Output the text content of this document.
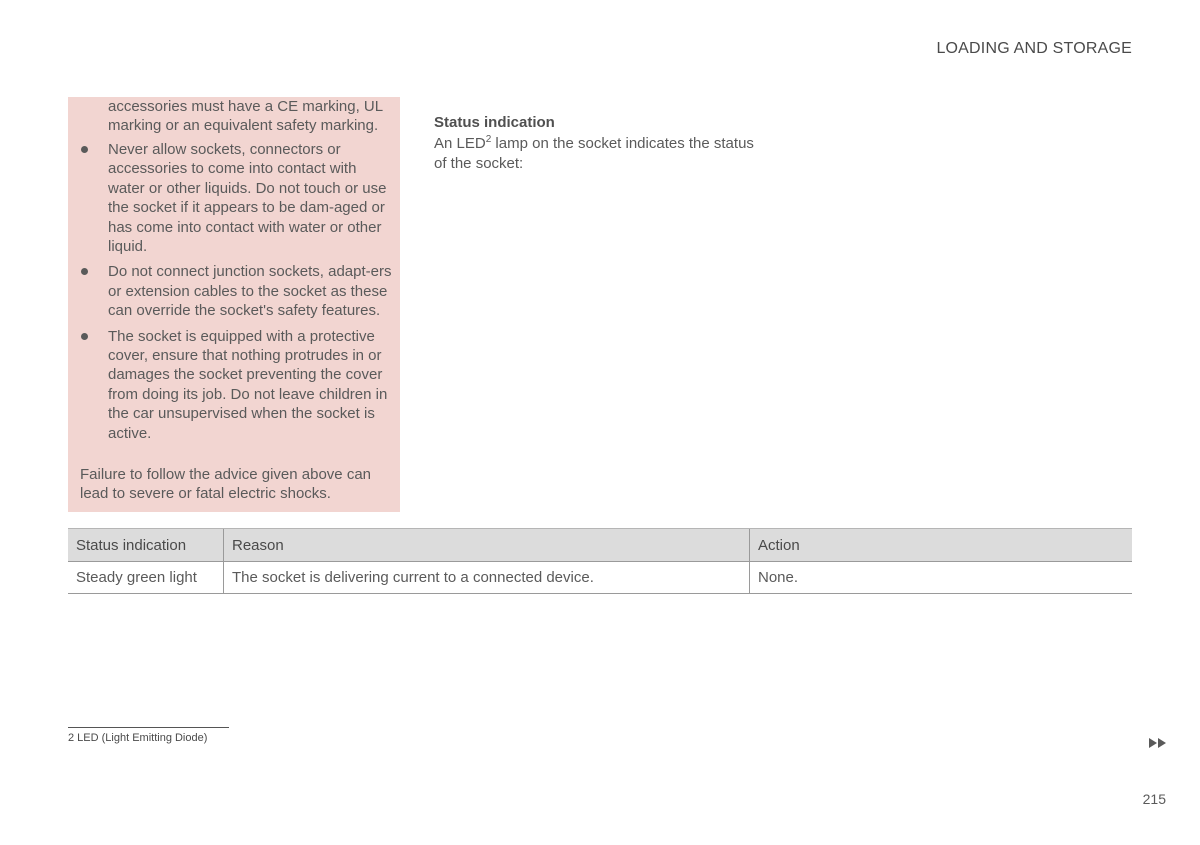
LOADING AND STORAGE
accessories must have a CE marking, UL marking or an equivalent safety marking.
Never allow sockets, connectors or accessories to come into contact with water or other liquids. Do not touch or use the socket if it appears to be dam-aged or has come into contact with water or other liquid.
Do not connect junction sockets, adapt-ers or extension cables to the socket as these can override the socket's safety features.
The socket is equipped with a protective cover, ensure that nothing protrudes in or damages the socket preventing the cover from doing its job. Do not leave children in the car unsupervised when the socket is active.
Failure to follow the advice given above can lead to severe or fatal electric shocks.
Status indication
An LED$^2$ lamp on the socket indicates the status of the socket:
Status indication	Reason	Action
Steady green light	The socket is delivering current to a connected device.	None.
2 LED (Light Emitting Diode)
215
